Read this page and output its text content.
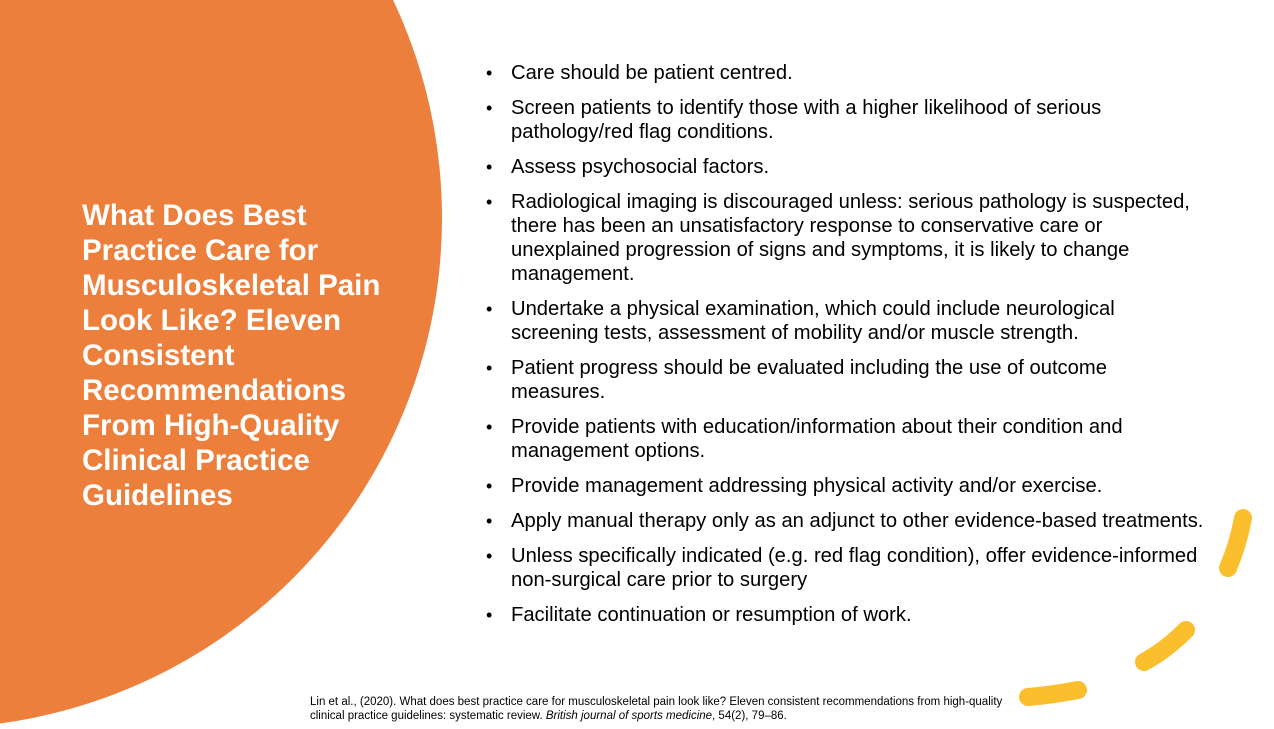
What Does Best Practice Care for Musculoskeletal Pain Look Like? Eleven Consistent Recommendations From High-Quality Clinical Practice Guidelines
• Care should be patient centred.
• Screen patients to identify those with a higher likelihood of serious pathology/red flag conditions.
• Assess psychosocial factors.
• Radiological imaging is discouraged unless: serious pathology is suspected, there has been an unsatisfactory response to conservative care or unexplained progression of signs and symptoms, it is likely to change management.
• Undertake a physical examination, which could include neurological screening tests, assessment of mobility and/or muscle strength.
• Patient progress should be evaluated including the use of outcome measures.
• Provide patients with education/information about their condition and management options.
• Provide management addressing physical activity and/or exercise.
• Apply manual therapy only as an adjunct to other evidence-based treatments.
• Unless specifically indicated (e.g. red flag condition), offer evidence-informed non-surgical care prior to surgery
• Facilitate continuation or resumption of work.
Lin et al., (2020). What does best practice care for musculoskeletal pain look like? Eleven consistent recommendations from high-quality clinical practice guidelines: systematic review. British journal of sports medicine, 54(2), 79–86.
